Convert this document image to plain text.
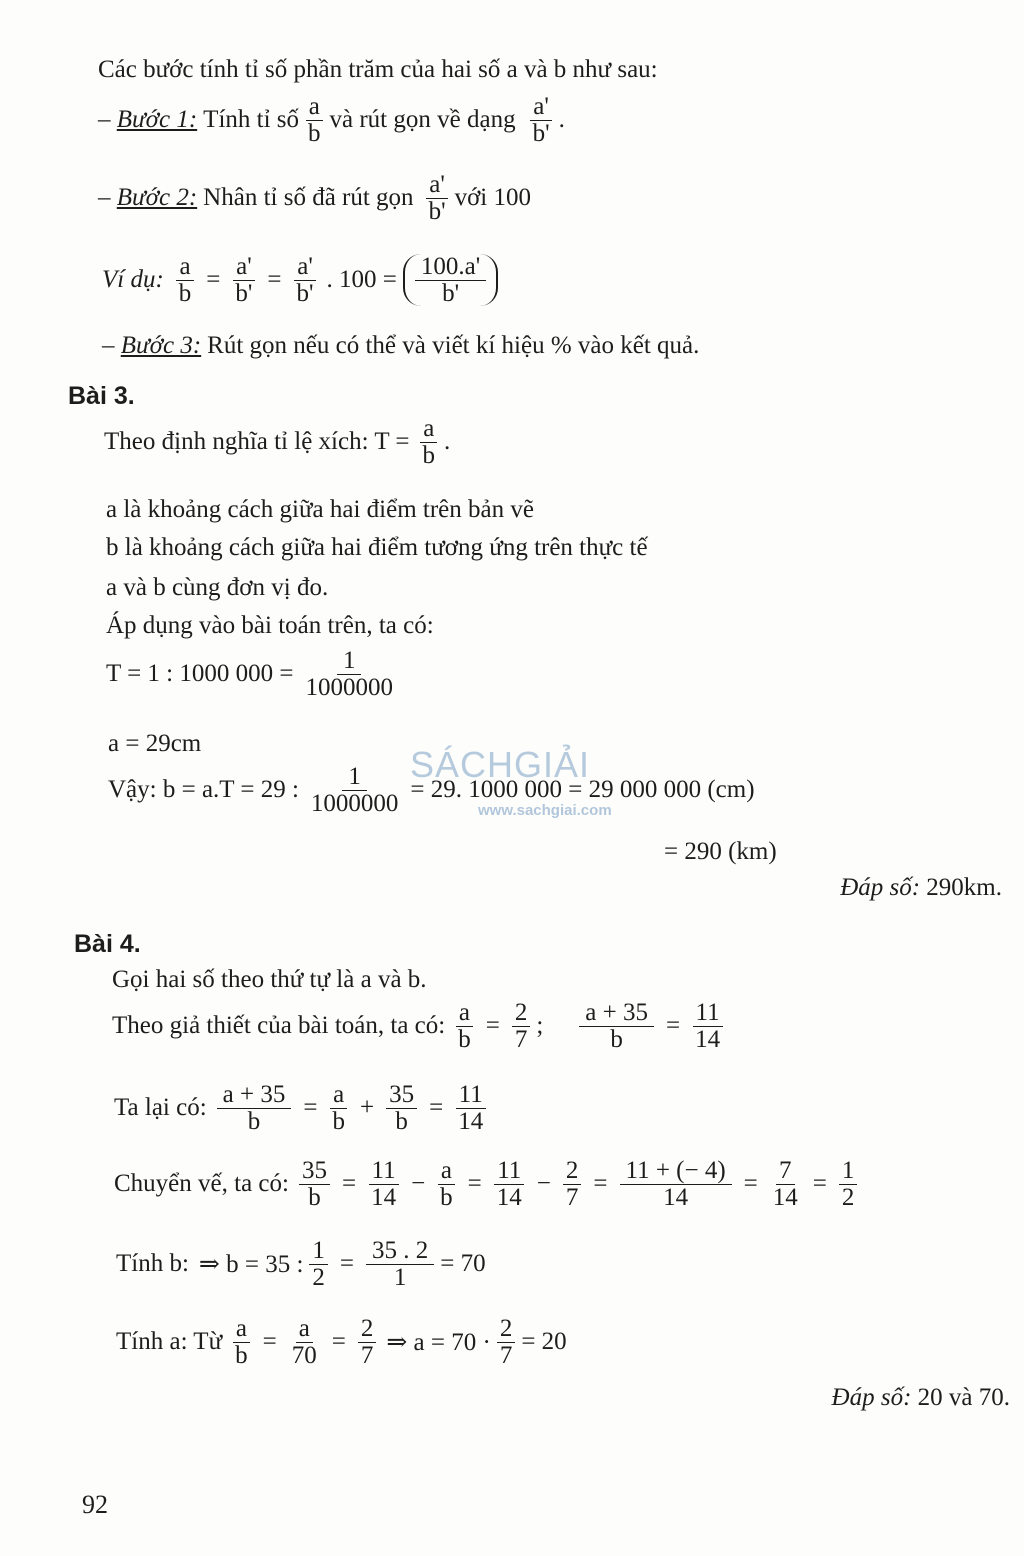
Các bước tính tỉ số phần trăm của hai số a và b như sau:
– Bước 1: Tính tỉ số $\frac{a}{b}$ và rút gọn về dạng $\frac{a'}{b'}$ .
– Bước 2: Nhân tỉ số đã rút gọn $\frac{a'}{b'}$ với 100
Ví dụ: $\frac{a}{b} = \frac{a'}{b'} = \frac{a'}{b'}$ . $100 = \frac{100.a'}{b'}$
– Bước 3: Rút gọn nếu có thể và viết kí hiệu % vào kết quả.
Bài 3.
Theo định nghĩa tỉ lệ xích: $T = \frac{a}{b}$ .
a là khoảng cách giữa hai điểm trên bản vẽ
b là khoảng cách giữa hai điểm tương ứng trên thực tế
a và b cùng đơn vị đo.
Áp dụng vào bài toán trên, ta có:
T = 1 : 1000 $000 = \frac{1}{1000000}$
a = 29cm
Vậy: b = a.T = 29 : $\frac{1}{1000000} = 29$. 1000 000 = 29 000 000 (cm)
= 290 (km)
Đáp số: 290km.
Bài 4.
Gọi hai số theo thứ tự là a và b.
Theo giả thiết của bài toán, ta có: $\frac{a}{b} = \frac{2}{7}$ ; $\frac{a + 35}{b} = \frac{11}{14}$
Ta lại có: $\frac{a + 35}{b} = \frac{a}{b} + \frac{35}{b} = \frac{11}{14}$
Chuyển vế, ta có: $\frac{35}{b} = \frac{11}{14} - \frac{a}{b} = \frac{11}{14} - \frac{2}{7} = \frac{11 + (- 4)}{14} = \frac{7}{14} = \frac{1}{2}$
Tính b: ⇒ b = 35 : $\frac{1}{2} = \frac{35 . 2}{1} = 70$
Tính a: Từ $\frac{a}{b} = \frac{a}{70} = \frac{2}{7}$ ⇒ $a = 70 \cdot \frac{2}{7} = 20$
Đáp số: 20 và 70.
SÁCHGIẢI
www.sachgiai.com
92
